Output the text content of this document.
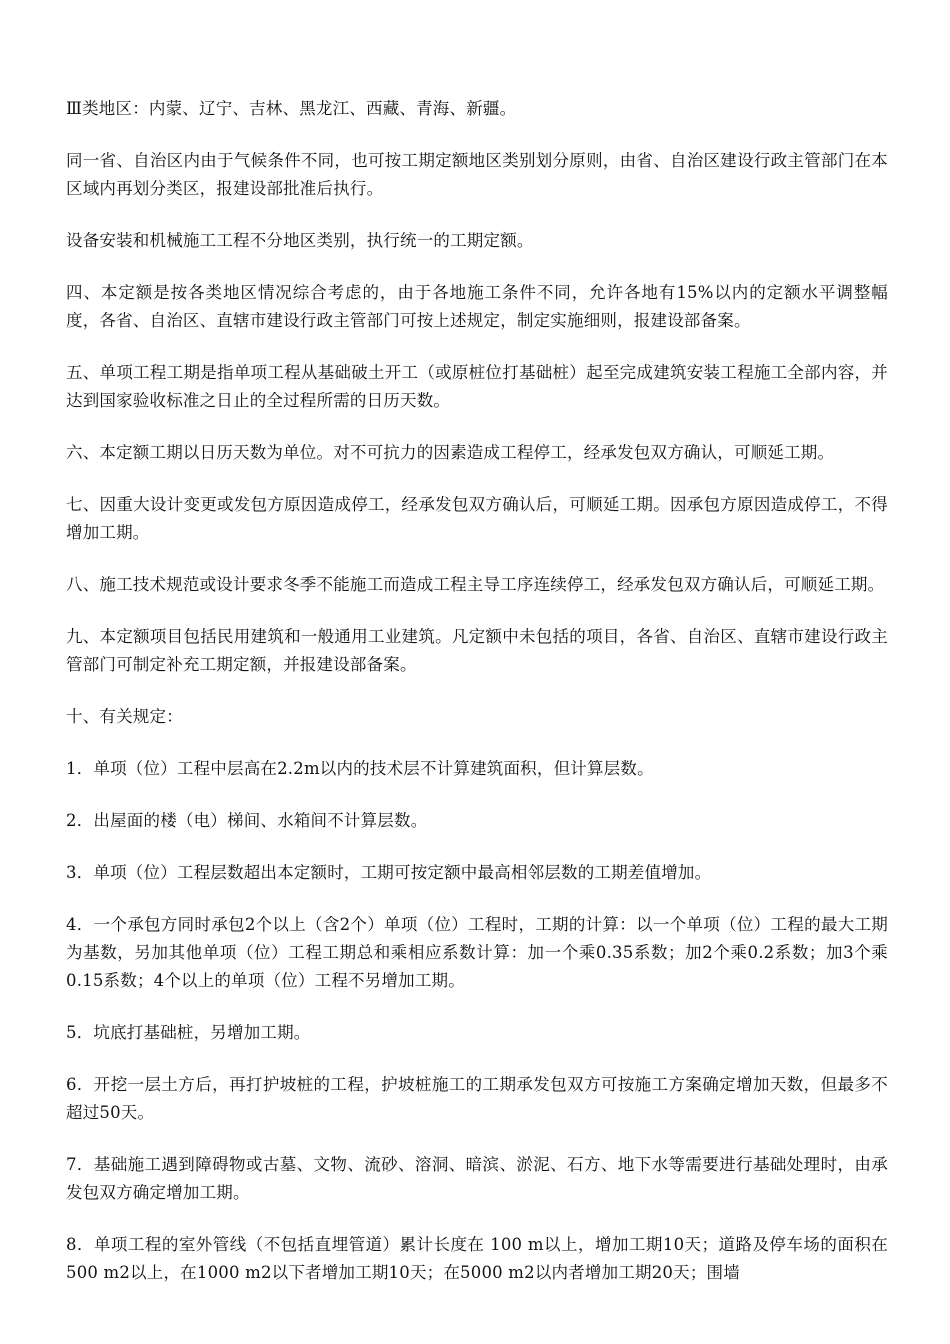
Ⅲ类地区：内蒙、辽宁、吉林、黑龙江、西藏、青海、新疆。

同一省、自治区内由于气候条件不同，也可按工期定额地区类别划分原则，由省、自治区建设行政主管部门在本区域内再划分类区，报建设部批准后执行。

设备安装和机械施工工程不分地区类别，执行统一的工期定额。

四、本定额是按各类地区情况综合考虑的，由于各地施工条件不同，允许各地有15%以内的定额水平调整幅度，各省、自治区、直辖市建设行政主管部门可按上述规定，制定实施细则，报建设部备案。

五、单项工程工期是指单项工程从基础破土开工（或原桩位打基础桩）起至完成建筑安装工程施工全部内容，并达到国家验收标准之日止的全过程所需的日历天数。

六、本定额工期以日历天数为单位。对不可抗力的因素造成工程停工，经承发包双方确认，可顺延工期。

七、因重大设计变更或发包方原因造成停工，经承发包双方确认后，可顺延工期。因承包方原因造成停工，不得增加工期。

八、施工技术规范或设计要求冬季不能施工而造成工程主导工序连续停工，经承发包双方确认后，可顺延工期。

九、本定额项目包括民用建筑和一般通用工业建筑。凡定额中未包括的项目，各省、自治区、直辖市建设行政主管部门可制定补充工期定额，并报建设部备案。

十、有关规定：

1．单项（位）工程中层高在2.2m以内的技术层不计算建筑面积，但计算层数。

2．出屋面的楼（电）梯间、水箱间不计算层数。

3．单项（位）工程层数超出本定额时，工期可按定额中最高相邻层数的工期差值增加。

4．一个承包方同时承包2个以上（含2个）单项（位）工程时，工期的计算：以一个单项（位）工程的最大工期为基数，另加其他单项（位）工程工期总和乘相应系数计算：加一个乘0.35系数；加2个乘0.2系数；加3个乘 0.15系数；4个以上的单项（位）工程不另增加工期。

5．坑底打基础桩，另增加工期。

6．开挖一层土方后，再打护坡桩的工程，护坡桩施工的工期承发包双方可按施工方案确定增加天数，但最多不超过50天。

7．基础施工遇到障碍物或古墓、文物、流砂、溶洞、暗滨、淤泥、石方、地下水等需要进行基础处理时，由承发包双方确定增加工期。

8．单项工程的室外管线（不包括直埋管道）累计长度在 100 m以上，增加工期10天；道路及停车场的面积在 500 m2以上，在1000 m2以下者增加工期10天；在5000 m2以内者增加工期20天；围墙
